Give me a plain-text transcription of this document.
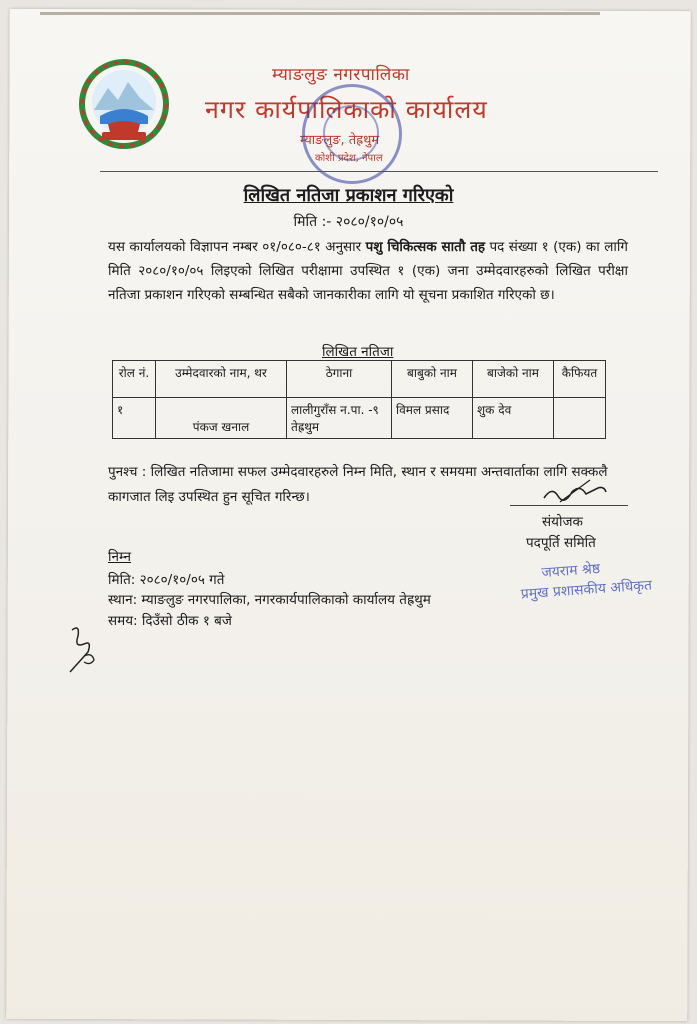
म्याङलुङ नगरपालिका
नगर कार्यपालिकाको कार्यालय
म्याङलुङ, तेह्रथुम
कोशी प्रदेश, नेपाल
लिखित नतिजा प्रकाशन गरिएको
मिति :- २०८०/१०/०५
यस कार्यालयको विज्ञापन नम्बर ०१/०८०-८१ अनुसार पशु चिकित्सक सातौ तह पद संख्या १ (एक) का लागि मिति २०८०/१०/०५ लिइएको लिखित परीक्षामा उपस्थित १ (एक) जना उम्मेदवारहरुको लिखित परीक्षा नतिजा प्रकाशन गरिएको सम्बन्धित सबैको जानकारीका लागि यो सूचना प्रकाशित गरिएको छ।
लिखित नतिजा
रोल नं.	उम्मेदवारको नाम, थर	ठेगाना	बाबुको नाम	बाजेको नाम	कैफियत
१	पंकज खनाल	लालीगुराँस न.पा. -९ तेह्रथुम	विमल प्रसाद	शुक देव	
पुनश्च : लिखित नतिजामा सफल उम्मेदवारहरुले निम्न मिति, स्थान र समयमा अन्तवार्ताका लागि सक्कलै कागजात लिइ उपस्थित हुन सूचित गरिन्छ।
संयोजक
पदपूर्ति समिति
जयराम श्रेष्ठ
प्रमुख प्रशासकीय अधिकृत
निम्न
मिति: २०८०/१०/०५ गते
स्थान: म्याङलुङ नगरपालिका, नगरकार्यपालिकाको कार्यालय तेह्रथुम
समय: दिउँसो ठीक १ बजे
